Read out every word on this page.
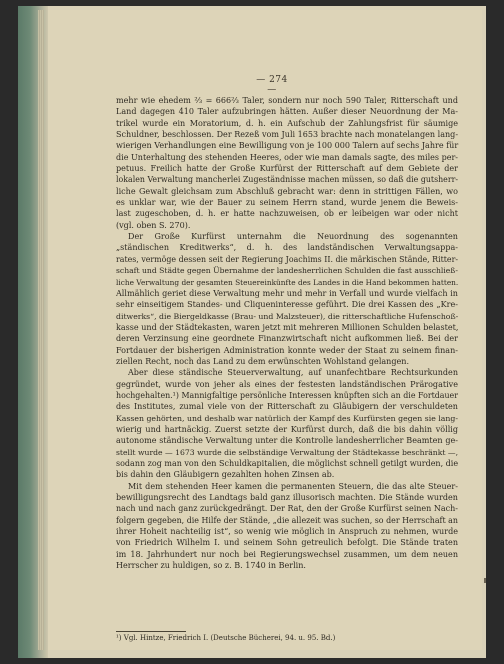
— 274 —
mehr wie ehedem ⅔ = 666⅔ Taler, sondern nur noch 590 Taler, Ritterschaft und
Land dagegen 410 Taler aufzubringen hätten. Außer dieser Neuordnung der Ma-
trikel wurde ein Moratorium, d. h. ein Aufschub der Zahlungsfrist für säumige
Schuldner, beschlossen. Der Rezeß vom Juli 1653 brachte nach monatelangen lang-
wierigen Verhandlungen eine Bewilligung von je 100 000 Talern auf sechs Jahre für
die Unterhaltung des stehenden Heeres, oder wie man damals sagte, des miles per-
petuus. Freilich hatte der Große Kurfürst der Ritterschaft auf dem Gebiete der
lokalen Verwaltung mancherlei Zugeständnisse machen müssen, so daß die gutsherr-
liche Gewalt gleichsam zum Abschluß gebracht war: denn in strittigen Fällen, wo
es unklar war, wie der Bauer zu seinem Herrn stand, wurde jenem die Beweis-
last zugeschoben, d. h. er hatte nachzuweisen, ob er leibeigen war oder nicht
(vgl. oben S. 270).
Der Große Kurfürst unternahm die Neuordnung des sogenannten
„ständischen Kreditwerks“, d. h. des landständischen Verwaltungsappa-
rates, vermöge dessen seit der Regierung Joachims II. die märkischen Stände, Ritter-
schaft und Städte gegen Übernahme der landesherrlichen Schulden die fast ausschließ-
liche Verwaltung der gesamten Steuereinkünfte des Landes in die Hand bekommen hatten.
Allmählich geriet diese Verwaltung mehr und mehr in Verfall und wurde vielfach in
sehr einseitigem Standes- und Cliqueninteresse geführt. Die drei Kassen des „Kre-
ditwerks“, die Biergeldkasse (Brau- und Malzsteuer), die ritterschaftliche Hufenschoß-
kasse und der Städtekasten, waren jetzt mit mehreren Millionen Schulden belastet,
deren Verzinsung eine geordnete Finanzwirtschaft nicht aufkommen ließ. Bei der
Fortdauer der bisherigen Administration konnte weder der Staat zu seinem finan-
ziellen Recht, noch das Land zu dem erwünschten Wohlstand gelangen.
Aber diese ständische Steuerverwaltung, auf unanfechtbare Rechtsurkunden
gegründet, wurde von jeher als eines der festesten landständischen Prärogative
hochgehalten.¹) Mannigfaltige persönliche Interessen knüpften sich an die Fortdauer
des Institutes, zumal viele von der Ritterschaft zu Gläubigern der verschuldeten
Kassen gehörten, und deshalb war natürlich der Kampf des Kurfürsten gegen sie lang-
wierig und hartnäckig. Zuerst setzte der Kurfürst durch, daß die bis dahin völlig
autonome ständische Verwaltung unter die Kontrolle landesherrlicher Beamten ge-
stellt wurde — 1673 wurde die selbständige Verwaltung der Städtekasse beschränkt —,
sodann zog man von den Schuldkapitalien, die möglichst schnell getilgt wurden, die
bis dahin den Gläubigern gezahlten hohen Zinsen ab.
Mit dem stehenden Heer kamen die permanenten Steuern, die das alte Steuer-
bewilligungsrecht des Landtags bald ganz illusorisch machten. Die Stände wurden
nach und nach ganz zurückgedrängt. Der Rat, den der Große Kurfürst seinen Nach-
folgern gegeben, die Hilfe der Stände, „die allezeit was suchen, so der Herrschaft an
ihrer Hoheit nachteilig ist“, so wenig wie möglich in Anspruch zu nehmen, wurde
von Friedrich Wilhelm I. und seinem Sohn getreulich befolgt. Die Stände traten
im 18. Jahrhundert nur noch bei Regierungswechsel zusammen, um dem neuen
Herrscher zu huldigen, so z. B. 1740 in Berlin.
¹) Vgl. Hintze, Friedrich I. (Deutsche Bücherei, 94. u. 95. Bd.)
